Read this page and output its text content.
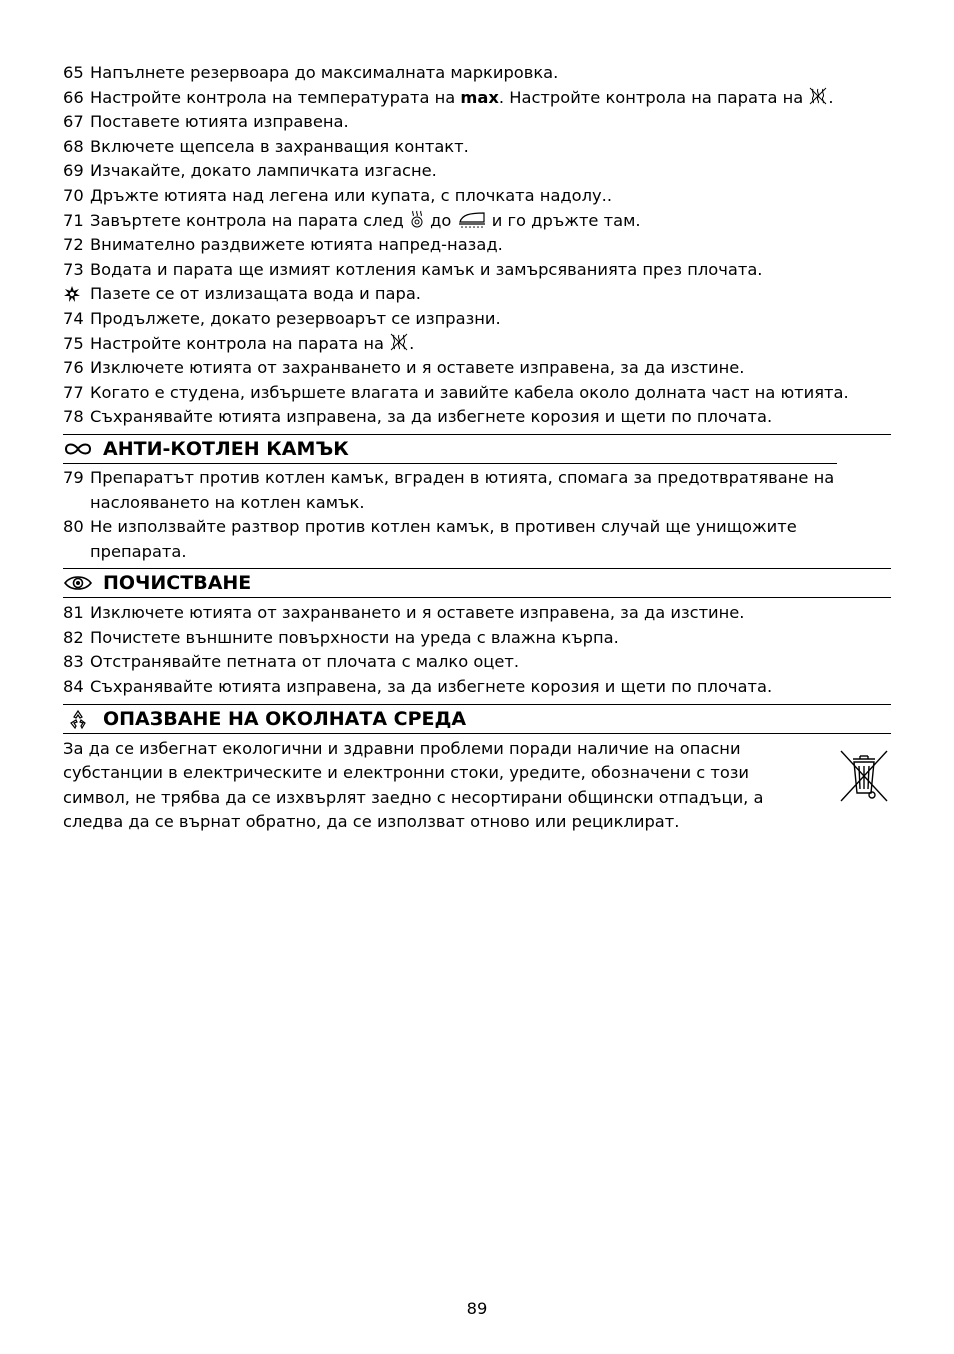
65 Напълнете резервоара до максималната маркировка.
66 Настройте контрола на температурата на max. Настройте контрола на парата на .
67 Поставете ютията изправена.
68 Включете щепсела в захранващия контакт.
69 Изчакайте, докато лампичката изгасне.
70 Дръжте ютията над легена или купата, с плочката надолу..
71 Завъртете контрола на парата след  до  и го дръжте там.
72 Внимателно раздвижете ютията напред-назад.
73 Водата и парата ще измият котления камък и замърсяванията през плочата.
Пазете се от излизащата вода и пара.
74 Продължете, докато резервоарът се изпразни.
75 Настройте контрола на парата на .
76 Изключете ютията от захранването и я оставете изправена, за да изстине.
77 Когато е студена, избършете влагата и завийте кабела около долната част на ютията.
78 Съхранявайте ютията изправена, за да избегнете корозия и щети по плочата.
АНТИ-КОТЛЕН КАМЪК
79 Препаратът против котлен камък, вграден в ютията, спомага за предотвратяване на наслояването на котлен камък.
80 Не използвайте разтвор против котлен камък, в противен случай ще унищожите препарата.
ПОЧИСТВАНЕ
81 Изключете ютията от захранването и я оставете изправена, за да изстине.
82 Почистете външните повърхности на уреда с влажна кърпа.
83 Отстранявайте петната от плочата с малко оцет.
84 Съхранявайте ютията изправена, за да избегнете корозия и щети по плочата.
ОПАЗВАНЕ НА ОКОЛНАТА СРЕДА
За да се избегнат екологични и здравни проблеми поради наличие на опасни субстанции в електрическите и електронни стоки, уредите, обозначени с този символ, не трябва да се изхвърлят заедно с несортирани общински отпадъци, а следва да се върнат обратно, да се използват отново или рециклират.
89
